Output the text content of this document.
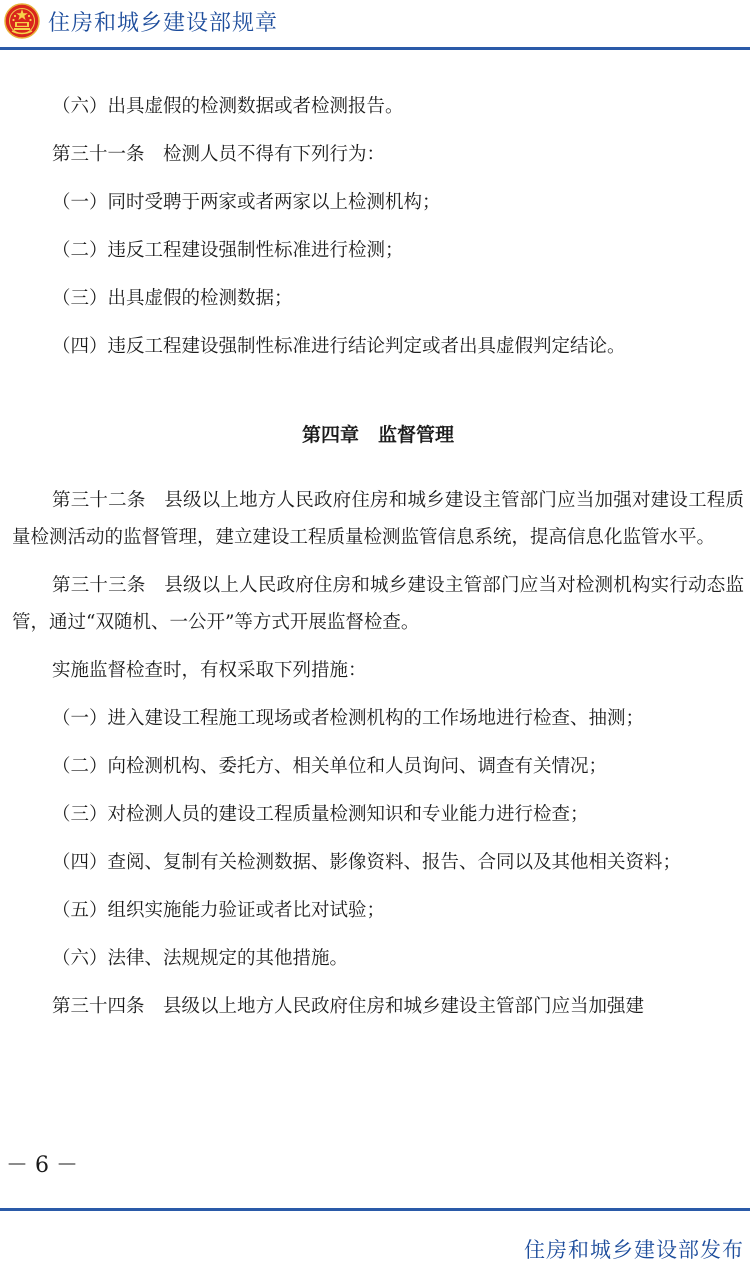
住房和城乡建设部规章

（六）出具虚假的检测数据或者检测报告。

第三十一条　检测人员不得有下列行为：

（一）同时受聘于两家或者两家以上检测机构；

（二）违反工程建设强制性标准进行检测；

（三）出具虚假的检测数据；

（四）违反工程建设强制性标准进行结论判定或者出具虚假判定结论。

第四章　监督管理

第三十二条　县级以上地方人民政府住房和城乡建设主管部门应当加强对建设工程质量检测活动的监督管理，建立建设工程质量检测监管信息系统，提高信息化监管水平。

第三十三条　县级以上人民政府住房和城乡建设主管部门应当对检测机构实行动态监管，通过“双随机、一公开”等方式开展监督检查。

实施监督检查时，有权采取下列措施：

（一）进入建设工程施工现场或者检测机构的工作场地进行检查、抽测；

（二）向检测机构、委托方、相关单位和人员询问、调查有关情况；

（三）对检测人员的建设工程质量检测知识和专业能力进行检查；

（四）查阅、复制有关检测数据、影像资料、报告、合同以及其他相关资料；

（五）组织实施能力验证或者比对试验；

（六）法律、法规规定的其他措施。

第三十四条　县级以上地方人民政府住房和城乡建设主管部门应当加强建

－ 6 －
住房和城乡建设部发布
